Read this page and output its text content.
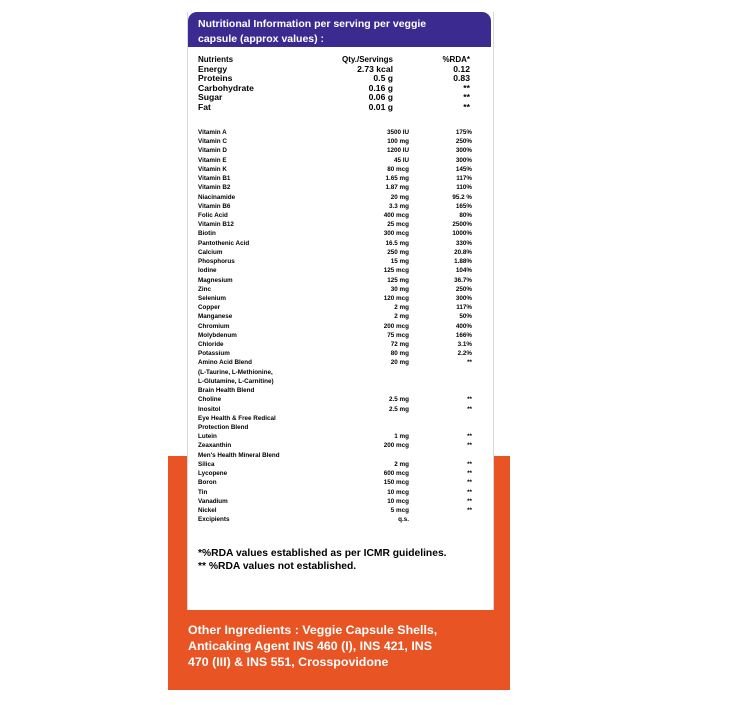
Nutritional Information per serving per veggie
capsule (approx values) :
Nutrients	Qty./Servings	%RDA*
Energy	2.73 kcal	0.12
Proteins	0.5 g	0.83
Carbohydrate	0.16 g	**
Sugar	0.06 g	**
Fat	0.01 g	**
Vitamin A	3500 IU	175%
Vitamin C	100 mg	250%
Vitamin D	1200 IU	300%
Vitamin E	45 IU	300%
Vitamin K	80 mcg	145%
Vitamin B1	1.65 mg	117%
Vitamin B2	1.87 mg	110%
Niacinamide	20 mg	95.2 %
Vitamin B6	3.3 mg	165%
Folic Acid	400 mcg	80%
Vitamin B12	25 mcg	2500%
Biotin	300 mcg	1000%
Pantothenic Acid	16.5 mg	330%
Calcium	250 mg	20.8%
Phosphorus	15 mg	1.88%
Iodine	125 mcg	104%
Magnesium	125 mg	36.7%
Zinc	30 mg	250%
Selenium	120 mcg	300%
Copper	2 mg	117%
Manganese	2 mg	50%
Chromium	200 mcg	400%
Molybdenum	75 mcg	166%
Chloride	72 mg	3.1%
Potassium	80 mg	2.2%
Amino Acid Blend	20 mg	**
(L-Taurine, L-Methionine,
L-Glutamine, L-Carnitine)
Brain Health Blend
Choline	2.5 mg	**
Inositol	2.5 mg	**
Eye Health & Free Redical
Protection Blend
Lutein	1 mg	**
Zeaxanthin	200 mcg	**
Men's Health Mineral Blend
Silica	2 mg	**
Lycopene	600 mcg	**
Boron	150 mcg	**
Tin	10 mcg	**
Vanadium	10 mcg	**
Nickel	5 mcg	**
Excipients	q.s.
*%RDA values established as per ICMR guidelines.
** %RDA values not established.
Other Ingredients : Veggie Capsule Shells,
Anticaking Agent INS 460 (I), INS 421, INS
470 (III) & INS 551, Crosspovidone
